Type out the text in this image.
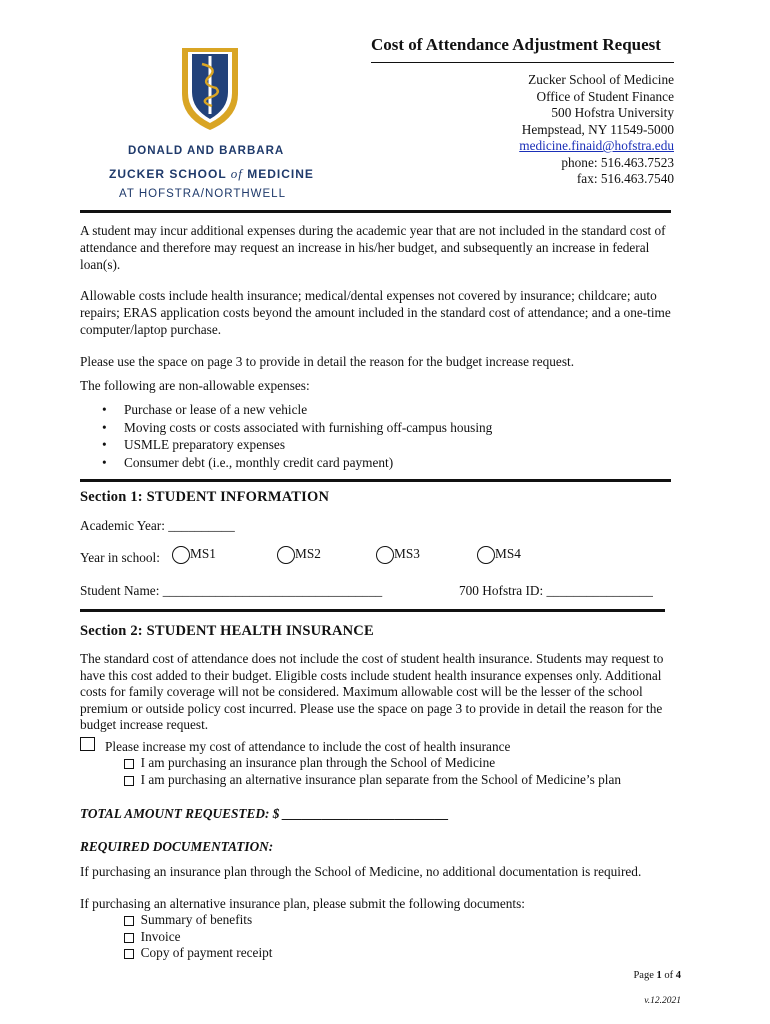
DONALD AND BARBARA
ZUCKER SCHOOL of MEDICINE
AT HOFSTRA/NORTHWELL
Cost of Attendance Adjustment Request
Zucker School of Medicine
Office of Student Finance
500 Hofstra University
Hempstead, NY 11549-5000
medicine.finaid@hofstra.edu
phone: 516.463.7523
fax: 516.463.7540
A student may incur additional expenses during the academic year that are not included in the standard cost of attendance and therefore may request an increase in his/her budget, and subsequently an increase in federal loan(s).
Allowable costs include health insurance; medical/dental expenses not covered by insurance; childcare; auto repairs; ERAS application costs beyond the amount included in the standard cost of attendance; and a one-time computer/laptop purchase.
Please use the space on page 3 to provide in detail the reason for the budget increase request.
The following are non-allowable expenses:
• Purchase or lease of a new vehicle
• Moving costs or costs associated with furnishing off-campus housing
• USMLE preparatory expenses
• Consumer debt (i.e., monthly credit card payment)
Section 1: STUDENT INFORMATION
Academic Year: __________
Year in school:	MS1	MS2	MS3	MS4
Student Name: _________________________________	700 Hofstra ID: ________________
Section 2: STUDENT HEALTH INSURANCE
The standard cost of attendance does not include the cost of student health insurance. Students may request to have this cost added to their budget. Eligible costs include student health insurance expenses only. Additional costs for family coverage will not be considered. Maximum allowable cost will be the lesser of the school premium or outside policy cost incurred. Please use the space on page 3 to provide in detail the reason for the budget increase request.
Please increase my cost of attendance to include the cost of health insurance
I am purchasing an insurance plan through the School of Medicine
I am purchasing an alternative insurance plan separate from the School of Medicine’s plan
TOTAL AMOUNT REQUESTED: $ _________________________
REQUIRED DOCUMENTATION:
If purchasing an insurance plan through the School of Medicine, no additional documentation is required.
If purchasing an alternative insurance plan, please submit the following documents:
Summary of benefits
Invoice
Copy of payment receipt
Page 1 of 4
v.12.2021
